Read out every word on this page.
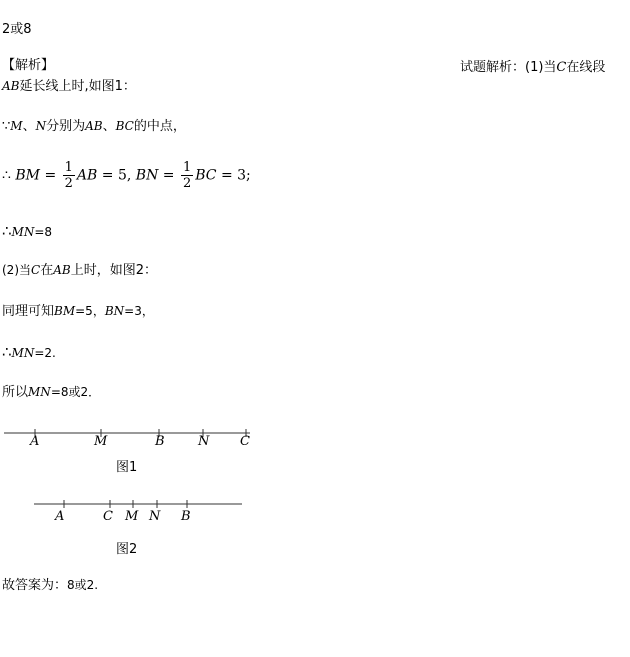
2或8
【解析】	试题解析：(1)当C在线段
AB延长线上时,如图1：
∵M、N分别为AB、BC的中点，
∴ BM = $\frac{1}{2}$ AB = 5, BN = $\frac{1}{2}$ BC = 3;
∴MN=8
(2)当C在AB上时，如图2：
同理可知BM=5，BN=3，
∴MN=2.
所以MN=8或2．
A	M	B	N C
图1
A	C M N B
图2
故答案为：8或2.
